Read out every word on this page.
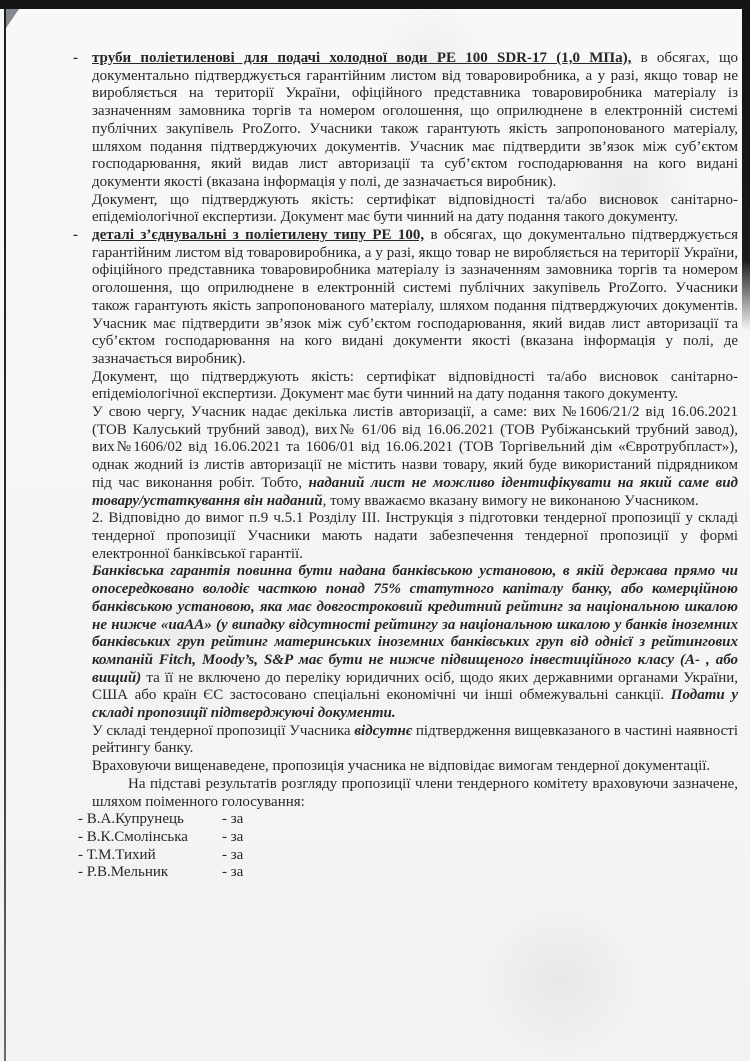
- труби поліетиленові для подачі холодної води РЕ 100 SDR-17 (1,0 МПа), в обсягах, що документально підтверджується гарантійним листом від товаровиробника, а у разі, якщо товар не виробляється на території України, офіційного представника товаровиробника матеріалу із зазначенням замовника торгів та номером оголошення, що оприлюднене в електронній системі публічних закупівель ProZorro. Учасники також гарантують якість запропонованого матеріалу, шляхом подання підтверджуючих документів. Учасник має підтвердити зв’язок між суб’єктом господарювання, який видав лист авторизації та суб’єктом господарювання на кого видані документи якості (вказана інформація у полі, де зазначається виробник).

Документ, що підтверджують якість: сертифікат відповідності та/або висновок санітарно-епідеміологічної експертизи. Документ має бути чинний на дату подання такого документу.

- деталі з’єднувальні з поліетилену типу РЕ 100, в обсягах, що документально підтверджується гарантійним листом від товаровиробника, а у разі, якщо товар не виробляється на території України, офіційного представника товаровиробника матеріалу із зазначенням замовника торгів та номером оголошення, що оприлюднене в електронній системі публічних закупівель ProZorro. Учасники також гарантують якість запропонованого матеріалу, шляхом подання підтверджуючих документів. Учасник має підтвердити зв’язок між суб’єктом господарювання, який видав лист авторизації та суб’єктом господарювання на кого видані документи якості (вказана інформація у полі, де зазначається виробник).

Документ, що підтверджують якість: сертифікат відповідності та/або висновок санітарно-епідеміологічної експертизи. Документ має бути чинний на дату подання такого документу.

У свою чергу, Учасник надає декілька листів авторизації, а саме: вих №1606/21/2 від 16.06.2021 (ТОВ Калуський трубний завод), вих№ 61/06 від 16.06.2021 (ТОВ Рубіжанський трубний завод), вих№1606/02 від 16.06.2021 та 1606/01 від 16.06.2021 (ТОВ Торгівельний дім «Євротрубпласт»), однак жодний із листів авторизації не містить назви товару, який буде використаний підрядником під час виконання робіт. Тобто, наданий лист не можливо ідентифікувати на який саме вид товару/устаткування він наданий, тому вважаємо вказану вимогу не виконаною Учасником.

2. Відповідно до вимог п.9 ч.5.1 Розділу ІІІ. Інструкція з підготовки тендерної пропозиції у складі тендерної пропозиції Учасники мають надати забезпечення тендерної пропозиції у формі електронної банківської гарантії.

Банківська гарантія повинна бути надана банківською установою, в якій держава прямо чи опосередковано володіє часткою понад 75% статутного капіталу банку, або комерційною банківською установою, яка має довгостроковий кредитний рейтинг за національною шкалою не нижче «иаАА» (у випадку відсутності рейтингу за національною шкалою у банків іноземних банківських груп рейтинг материнських іноземних банківських груп від однієї з рейтингових компаній Fitch, Moody’s, S&P має бути не нижче підвищеного інвестиційного класу (А- , або вищий) та її не включено до переліку юридичних осіб, щодо яких державними органами України, США або країн ЄС застосовано спеціальні економічні чи інші обмежувальні санкції. Подати у складі пропозиції підтверджуючі документи.

У складі тендерної пропозиції Учасника відсутнє підтвердження вищевказаного в частині наявності рейтингу банку.

Враховуючи вищенаведене, пропозиція учасника не відповідає вимогам тендерної документації.

На підставі результатів розгляду пропозиції члени тендерного комітету враховуючи зазначене, шляхом поіменного голосування:

- В.А.Купрунець	- за
- В.К.Смолінська	- за
- Т.М.Тихий	- за
- Р.В.Мельник	- за
